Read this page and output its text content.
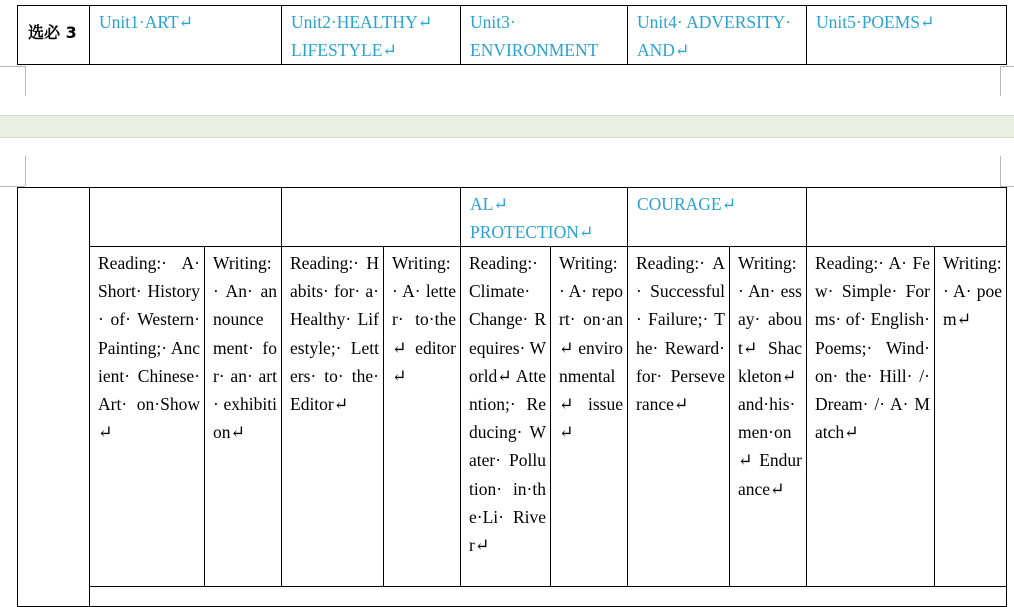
选必 3	Unit1·ART↵	Unit2·HEALTHY↵ LIFESTYLE↵	Unit3· ENVIRONMENT	Unit4· ADVERSITY· AND↵	Unit5·POEMS↵
					AL↵ PROTECTION↵		COURAGE↵			
	Reading:· A· Short· History· of· Western· Painting;· Ancient· Chinese· Art· on·Show↵	Writing:· An· announcement· for· an· art· exhibition↵	Reading:· Habits· for· a· Healthy· Lifestyle;· Letters· to· the·Editor↵	Writing:· A· letter· to·the↵ editor↵	Reading:· Climate· Change· Requires· World↵ Attention;· Reducing· Water· Pollution· in·the·Li· River↵	Writing:· A· report· on·an↵ environmental↵ issue↵	Reading:· A· Successful· Failure;· The· Reward· for· Perseverance↵	Writing:· An· essay· about↵ Shackleton↵ and·his· men·on↵ Endurance↵	Reading:· A· Few· Simple· Forms· of· English· Poems;· Wind· on· the· Hill· /· Dream· /· A· Match↵	Writing:· A· poem↵
